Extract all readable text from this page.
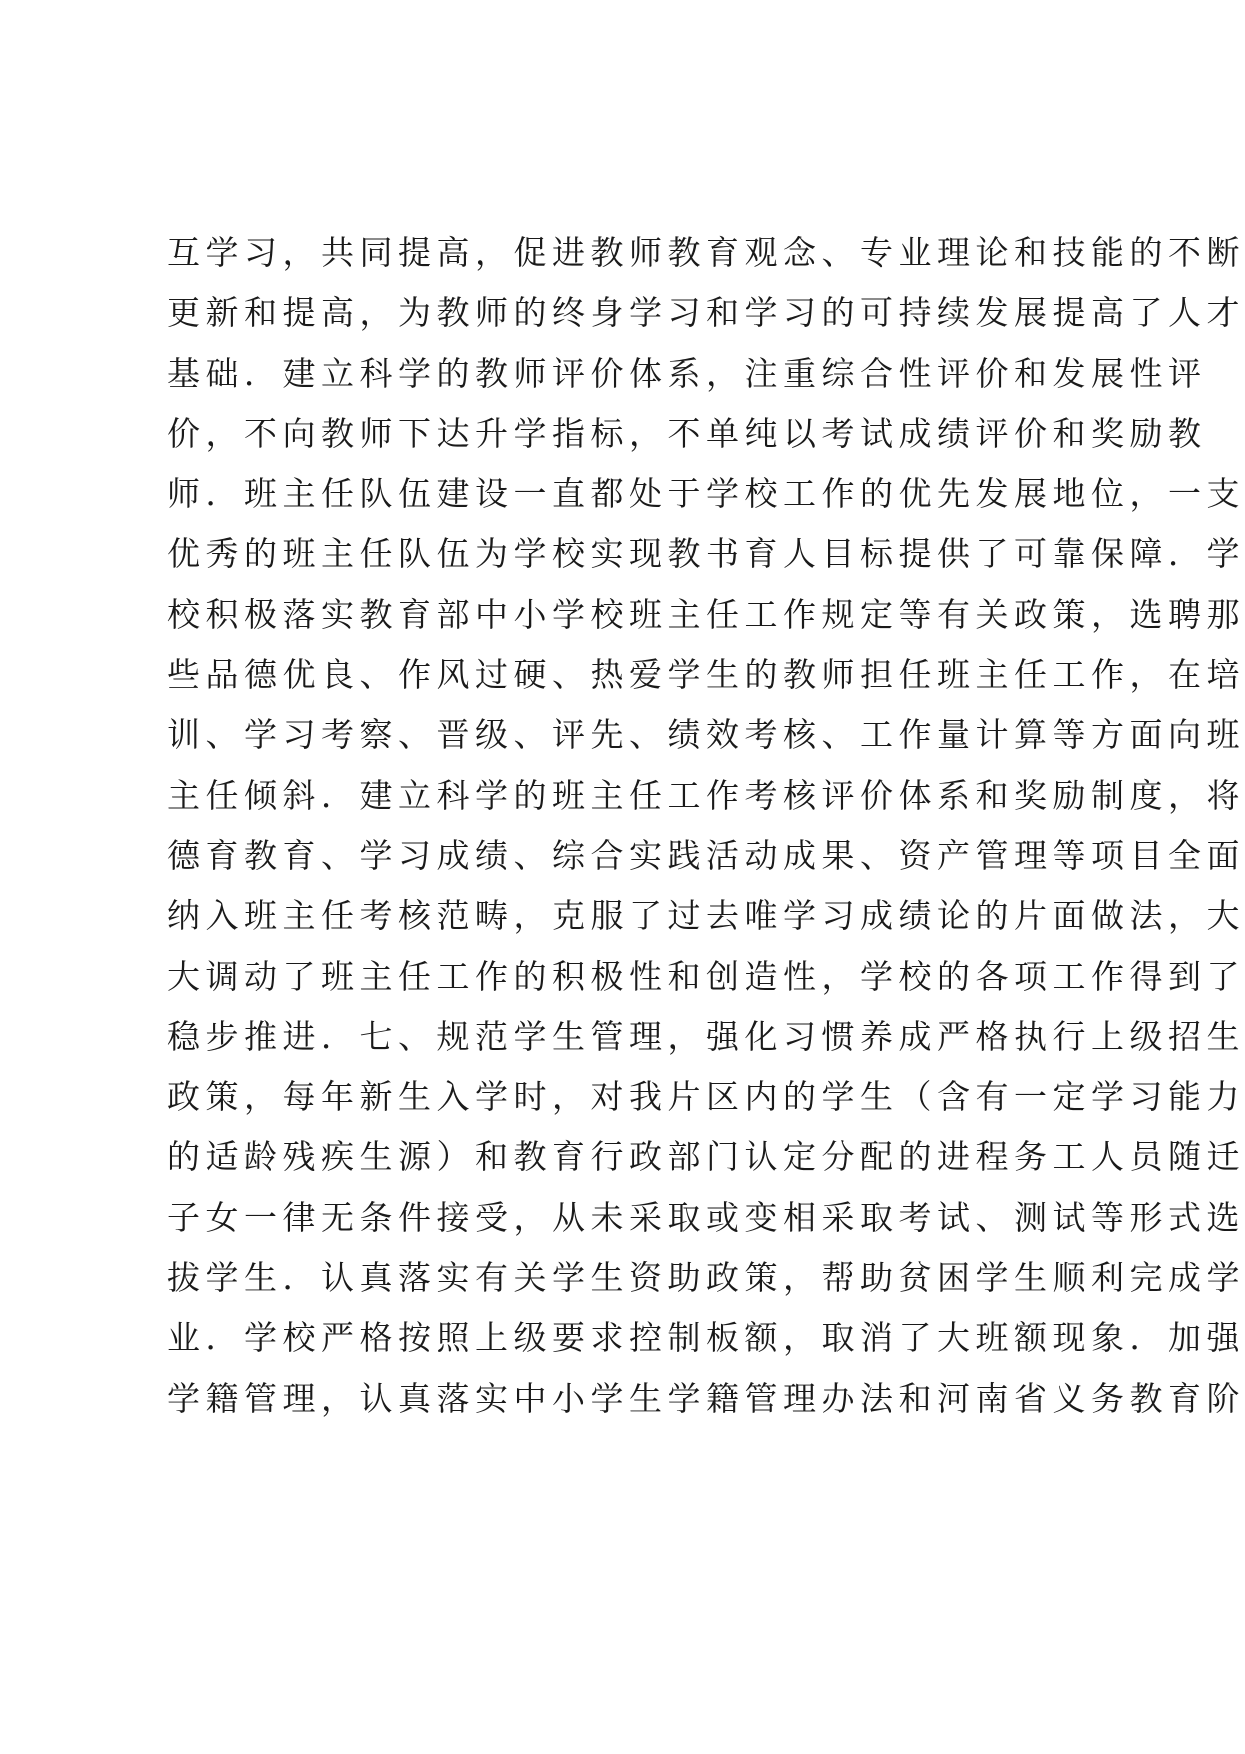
互学习，共同提高，促进教师教育观念、专业理论和技能的不断
更新和提高，为教师的终身学习和学习的可持续发展提高了人才
基础．建立科学的教师评价体系，注重综合性评价和发展性评
价，不向教师下达升学指标，不单纯以考试成绩评价和奖励教
师．班主任队伍建设一直都处于学校工作的优先发展地位，一支
优秀的班主任队伍为学校实现教书育人目标提供了可靠保障．学
校积极落实教育部中小学校班主任工作规定等有关政策，选聘那
些品德优良、作风过硬、热爱学生的教师担任班主任工作，在培
训、学习考察、晋级、评先、绩效考核、工作量计算等方面向班
主任倾斜．建立科学的班主任工作考核评价体系和奖励制度，将
德育教育、学习成绩、综合实践活动成果、资产管理等项目全面
纳入班主任考核范畴，克服了过去唯学习成绩论的片面做法，大
大调动了班主任工作的积极性和创造性，学校的各项工作得到了
稳步推进．七、规范学生管理，强化习惯养成严格执行上级招生
政策，每年新生入学时，对我片区内的学生（含有一定学习能力
的适龄残疾生源）和教育行政部门认定分配的进程务工人员随迁
子女一律无条件接受，从未采取或变相采取考试、测试等形式选
拔学生．认真落实有关学生资助政策，帮助贫困学生顺利完成学
业．学校严格按照上级要求控制板额，取消了大班额现象．加强
学籍管理，认真落实中小学生学籍管理办法和河南省义务教育阶
